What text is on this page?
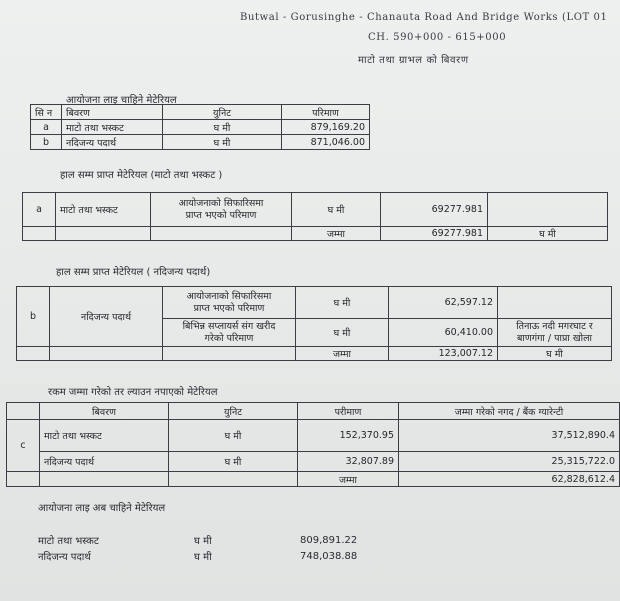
Butwal - Gorusinghe - Chanauta Road And Bridge Works (LOT 01
CH. 590+000 - 615+000
माटो तथा ग्राभल को बिवरण
आयोजना लाइ चाहिने मेटेरियल
सि न	बिवरण	युनिट	परिमाण
a	माटो तथा भस्कट	घ मी	879,169.20
b	नदिजन्य पदार्थ	घ मी	871,046.00
हाल सम्म प्राप्त मेटेरियल (माटो तथा भस्कट )
a	माटो तथा भस्कट	आयोजनाको सिफारिसमा
प्राप्त भएको परिमाण	घ मी	69277.981	
			जम्मा	69277.981	घ मी
हाल सम्म प्राप्त मेटेरियल ( नदिजन्य पदार्थ)
b	नदिजन्य पदार्थ	आयोजनाको सिफारिसमा
प्राप्त भएको परिमाण	घ मी	62,597.12	
		बिभिन्न सप्लायर्स संग खरीद
गरेको परिमाण	घ मी	60,410.00	तिनाऊ नदी मगरघाट र
बाणगंगा / पाप्रा खोला
			जम्मा	123,007.12	घ मी
रकम जम्मा गरेको तर ल्याउन नपाएको मेटेरियल
	बिवरण	युनिट	परीमाण	जम्मा गरेको नगद / बैंक ग्यारेन्टी
c	माटो तथा भस्कट	घ मी	152,370.95	37,512,890.4
	नदिजन्य पदार्थ	घ मी	32,807.89	25,315,722.0
			जम्मा	62,828,612.4
आयोजना लाइ अब चाहिने मेटेरियल
माटो तथा भस्कट	घ मी	809,891.22
नदिजन्य पदार्थ	घ मी	748,038.88
